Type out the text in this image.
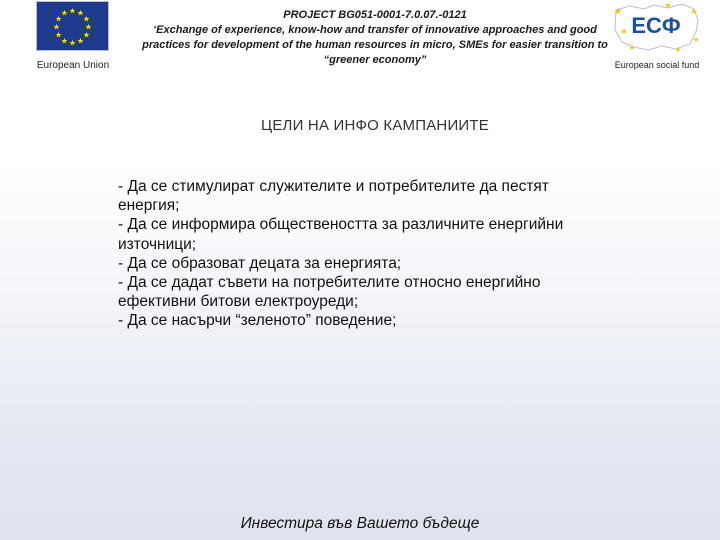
★ ★
★
★
★
★
★
★
★
★
★
★
European Union
PROJECT BG051-0001-7.0.07.-0121
‘Exchange of experience, know-how and transfer of innovative approaches and good practices for development of the human resources in micro, SMEs for easier transition to “greener economy”
★
★
★
★
★
★
★
ЕСФ
European social fund
ЦЕЛИ НА ИНФО КАМПАНИИТЕ
- Да се стимулират служителите и потребителите да пестят енергия;
- Да се информира обществеността за различните енергийни източници;
- Да се образоват децата за енергията;
- Да се дадат съвети на потребителите относно енергийно ефективни битови електроуреди;
- Да се насърчи “зеленото” поведение;
Инвестира във Вашето бъдеще
